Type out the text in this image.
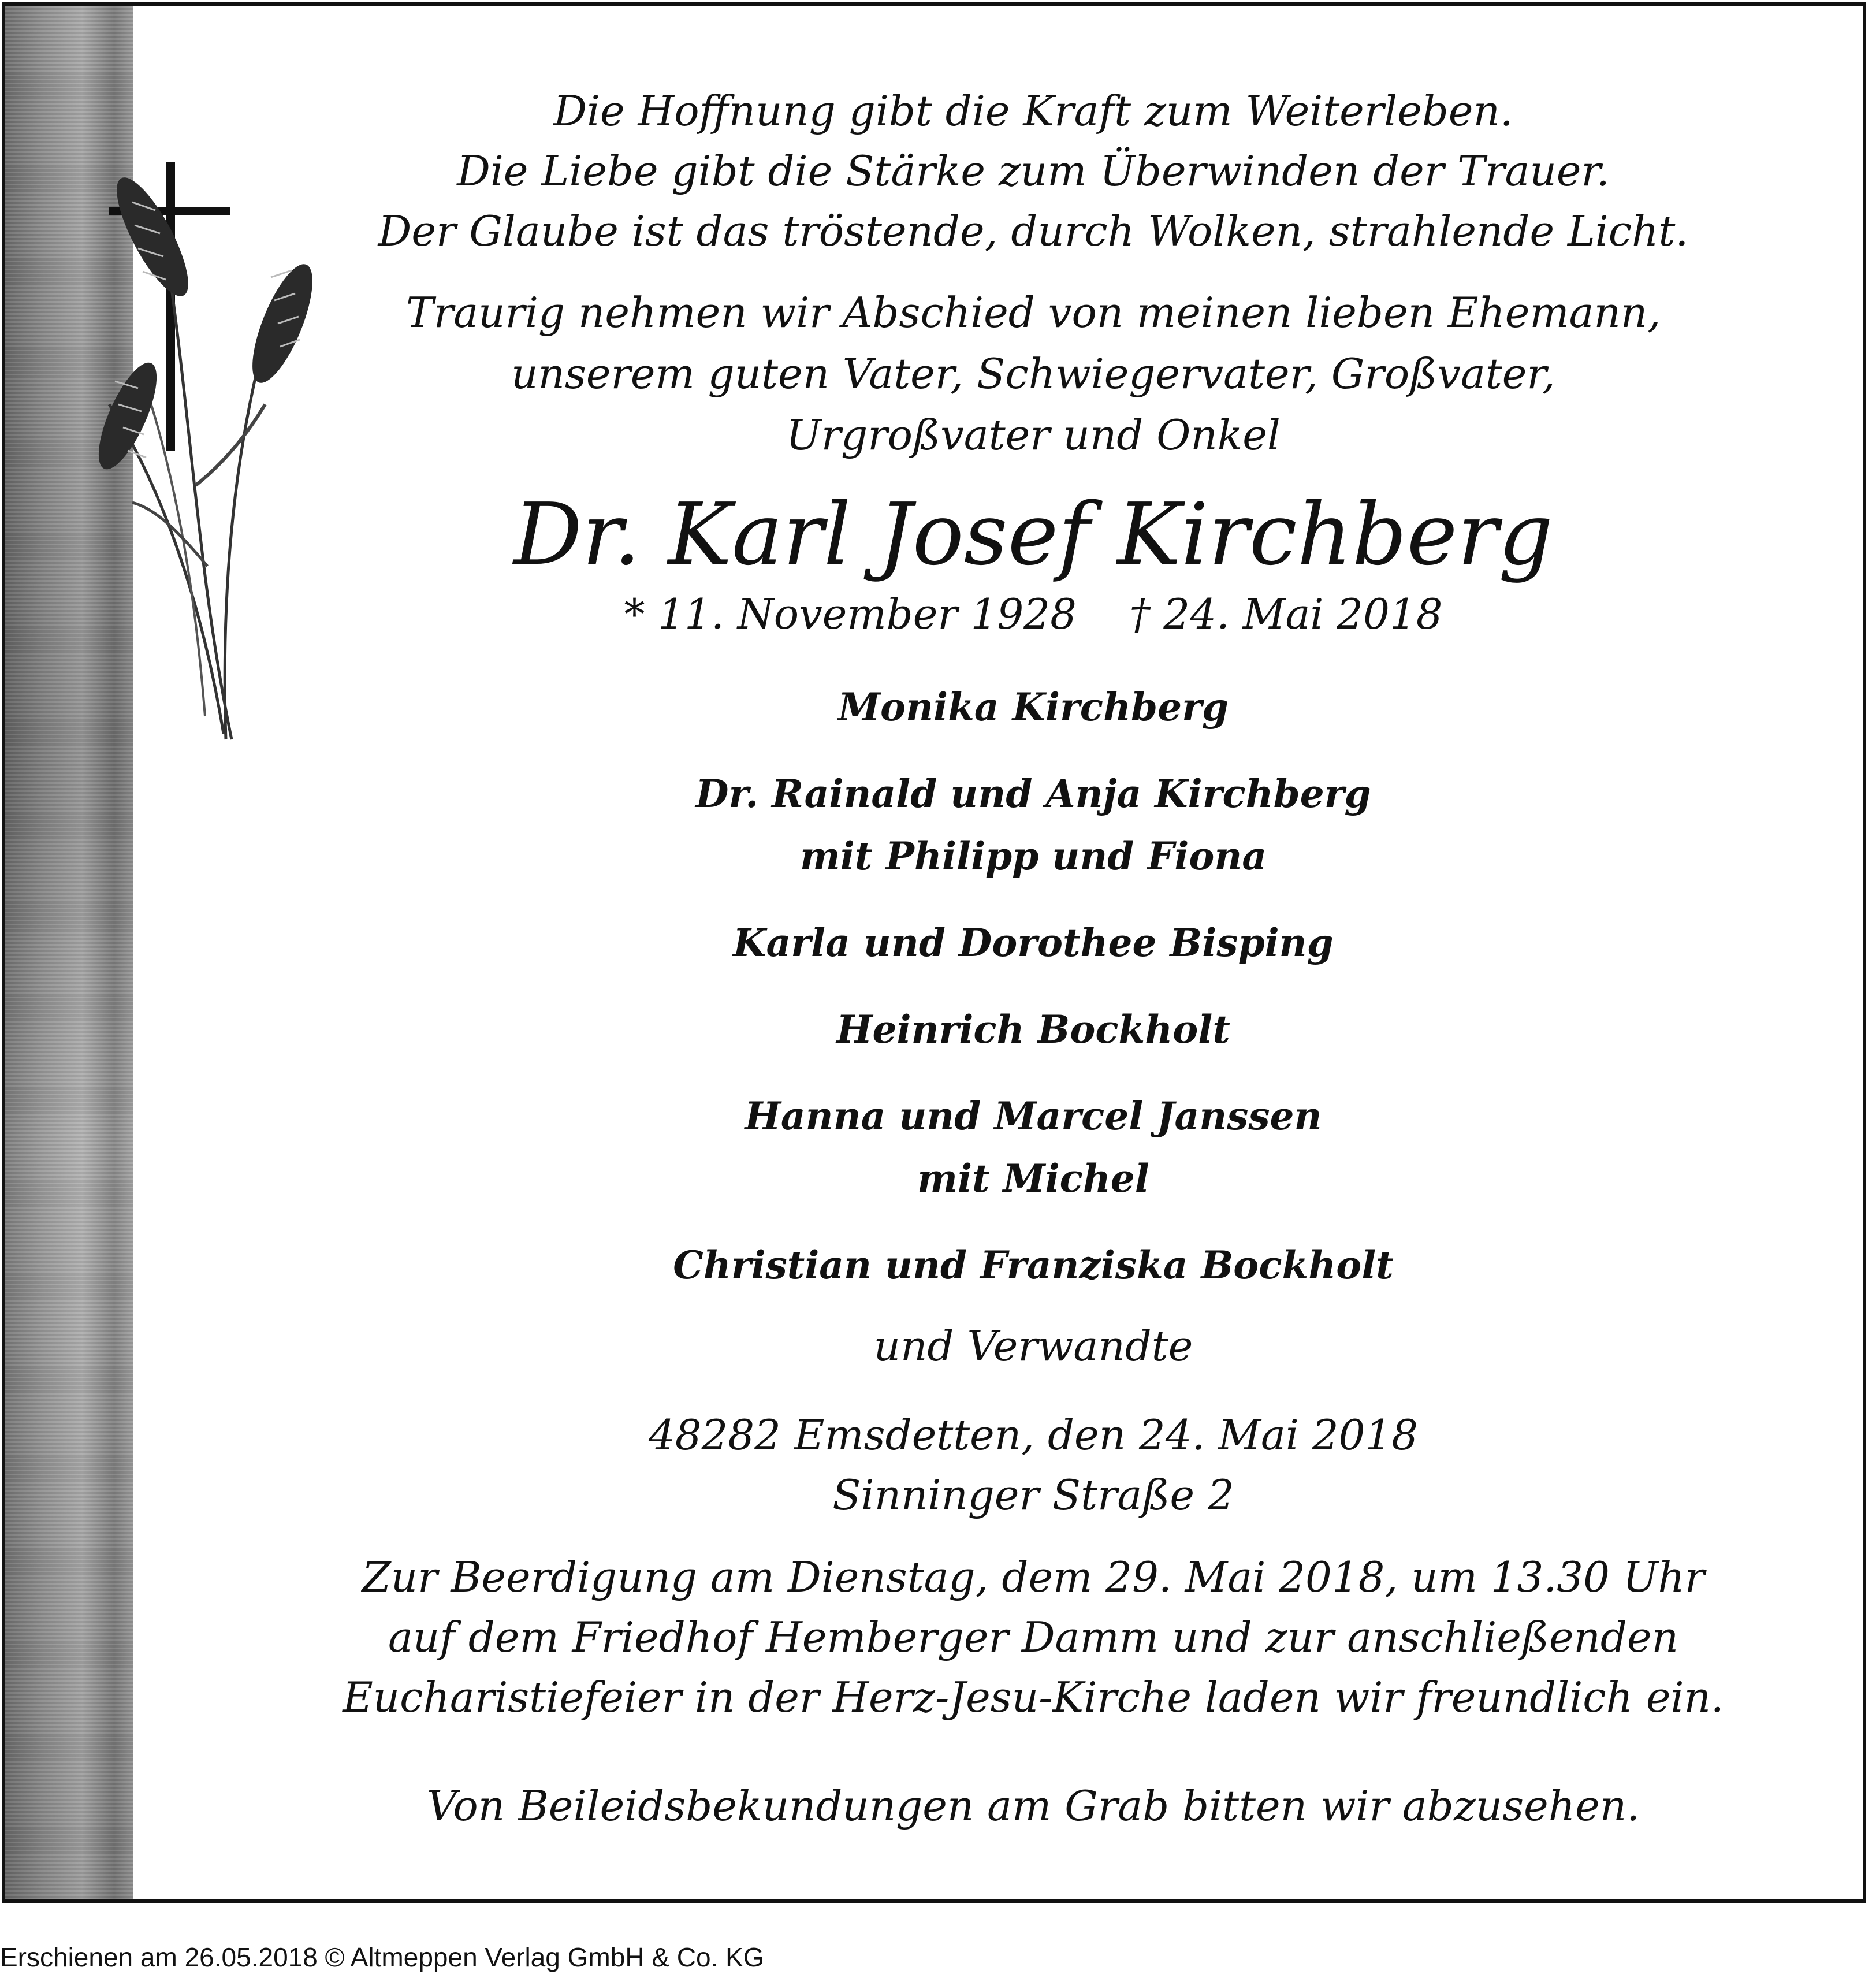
Die Hoffnung gibt die Kraft zum Weiterleben.
Die Liebe gibt die Stärke zum Überwinden der Trauer.
Der Glaube ist das tröstende, durch Wolken, strahlende Licht.
Traurig nehmen wir Abschied von meinen lieben Ehemann,
unserem guten Vater, Schwiegervater, Großvater,
Urgroßvater und Onkel
Dr. Karl Josef Kirchberg
* 11. November 1928    † 24. Mai 2018
Monika Kirchberg
Dr. Rainald und Anja Kirchberg
mit Philipp und Fiona
Karla und Dorothee Bisping
Heinrich Bockholt
Hanna und Marcel Janssen
mit Michel
Christian und Franziska Bockholt
und Verwandte
48282 Emsdetten, den 24. Mai 2018
Sinninger Straße 2
Zur Beerdigung am Dienstag, dem 29. Mai 2018, um 13.30 Uhr
auf dem Friedhof Hemberger Damm und zur anschließenden
Eucharistiefeier in der Herz-Jesu-Kirche laden wir freundlich ein.
Von Beileidsbekundungen am Grab bitten wir abzusehen.
Erschienen am 26.05.2018 © Altmeppen Verlag GmbH & Co. KG
